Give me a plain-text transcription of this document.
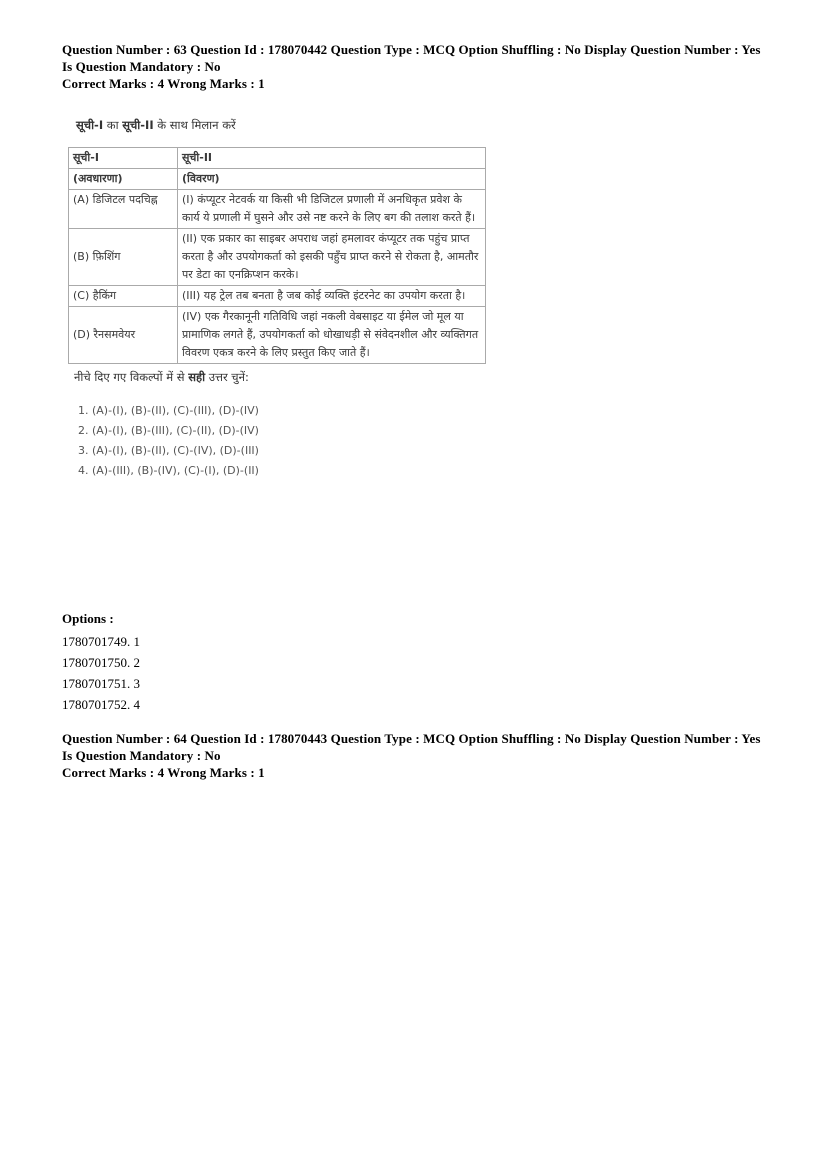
Question Number : 63 Question Id : 178070442 Question Type : MCQ Option Shuffling : No Display Question Number : Yes
Is Question Mandatory : No
Correct Marks : 4 Wrong Marks : 1
सूची-I का सूची-II के साथ मिलान करें
सूची-I	सूची-II
(अवधारणा)	(विवरण)
(A) डिजिटल पदचिह्न	(I) कंप्यूटर नेटवर्क या किसी भी डिजिटल प्रणाली में अनधिकृत प्रवेश के कार्य ये प्रणाली में घुसने और उसे नष्ट करने के लिए बग की तलाश करते हैं।
(B) फ़िशिंग	(II) एक प्रकार का साइबर अपराध जहां हमलावर कंप्यूटर तक पहुंच प्राप्त करता है और उपयोगकर्ता को इसकी पहुँच प्राप्त करने से रोकता है, आमतौर पर डेटा का एनक्रिप्शन करके।
(C) हैकिंग	(III) यह ट्रेल तब बनता है जब कोई व्यक्ति इंटरनेट का उपयोग करता है।
(D) रैनसमवेयर	(IV) एक गैरकानूनी गतिविधि जहां नकली वेबसाइट या ईमेल जो मूल या प्रामाणिक लगते हैं, उपयोगकर्ता को धोखाधड़ी से संवेदनशील और व्यक्तिगत विवरण एकत्र करने के लिए प्रस्तुत किए जाते हैं।
नीचे दिए गए विकल्पों में से सही उत्तर चुनें:
1. (A)-(I), (B)-(II), (C)-(III), (D)-(IV)
2. (A)-(I), (B)-(III), (C)-(II), (D)-(IV)
3. (A)-(I), (B)-(II), (C)-(IV), (D)-(III)
4. (A)-(III), (B)-(IV), (C)-(I), (D)-(II)
Options :
1780701749. 1
1780701750. 2
1780701751. 3
1780701752. 4
Question Number : 64 Question Id : 178070443 Question Type : MCQ Option Shuffling : No Display Question Number : Yes
Is Question Mandatory : No
Correct Marks : 4 Wrong Marks : 1
